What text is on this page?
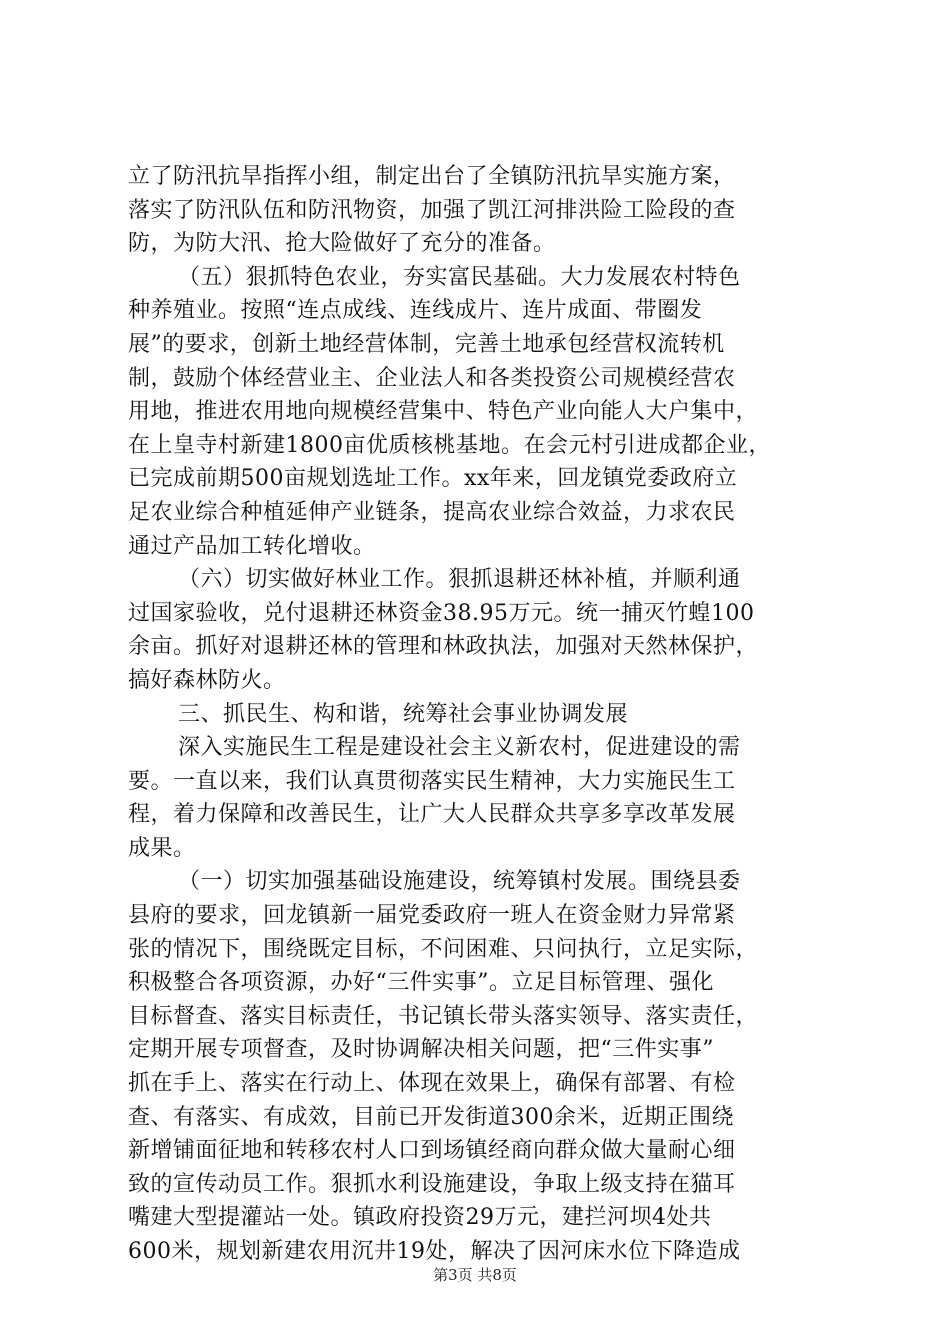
立了防汛抗旱指挥小组，制定出台了全镇防汛抗旱实施方案，
落实了防汛队伍和防汛物资，加强了凯江河排洪险工险段的查
防，为防大汛、抢大险做好了充分的准备。
（五）狠抓特色农业，夯实富民基础。大力发展农村特色
种养殖业。按照“连点成线、连线成片、连片成面、带圈发
展”的要求，创新土地经营体制，完善土地承包经营权流转机
制，鼓励个体经营业主、企业法人和各类投资公司规模经营农
用地，推进农用地向规模经营集中、特色产业向能人大户集中，
在上皇寺村新建1800亩优质核桃基地。在会元村引进成都企业，
已完成前期500亩规划选址工作。xx年来，回龙镇党委政府立
足农业综合种植延伸产业链条，提高农业综合效益，力求农民
通过产品加工转化增收。
（六）切实做好林业工作。狠抓退耕还林补植，并顺利通
过国家验收，兑付退耕还林资金38.95万元。统一捕灭竹蝗100
余亩。抓好对退耕还林的管理和林政执法，加强对天然林保护，
搞好森林防火。
三、抓民生、构和谐，统筹社会事业协调发展
深入实施民生工程是建设社会主义新农村，促进建设的需
要。一直以来，我们认真贯彻落实民生精神，大力实施民生工
程，着力保障和改善民生，让广大人民群众共享多享改革发展
成果。
（一）切实加强基础设施建设，统筹镇村发展。围绕县委
县府的要求，回龙镇新一届党委政府一班人在资金财力异常紧
张的情况下，围绕既定目标，不问困难、只问执行，立足实际，
积极整合各项资源，办好“三件实事”。立足目标管理、强化
目标督查、落实目标责任，书记镇长带头落实领导、落实责任，
定期开展专项督查，及时协调解决相关问题，把“三件实事”
抓在手上、落实在行动上、体现在效果上，确保有部署、有检
查、有落实、有成效，目前已开发街道300余米，近期正围绕
新增铺面征地和转移农村人口到场镇经商向群众做大量耐心细
致的宣传动员工作。狠抓水利设施建设，争取上级支持在猫耳
嘴建大型提灌站一处。镇政府投资29万元，建拦河坝4处共
600米，规划新建农用沉井19处，解决了因河床水位下降造成
第3页 共8页
